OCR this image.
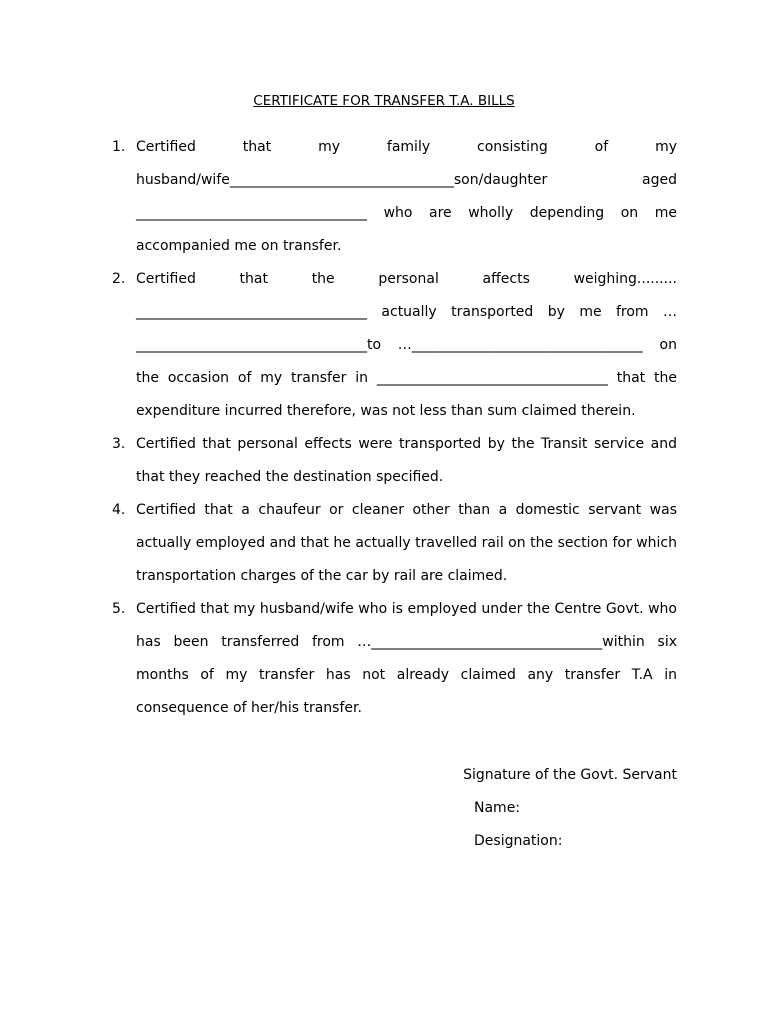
CERTIFICATE FOR TRANSFER T.A. BILLS
1. Certified that my family consisting of my
husband/wife________________________________son/daughter aged
_________________________________ who are wholly depending on me
accompanied me on transfer.
2. Certified that the personal affects weighing.........
_________________________________ actually transported by me from …
_________________________________to …_________________________________ on
the occasion of my transfer in _________________________________ that the
expenditure incurred therefore, was not less than sum claimed therein.
3. Certified that personal effects were transported by the Transit service and
that they reached the destination specified.
4. Certified that a chaufeur or cleaner other than a domestic servant was
actually employed and that he actually travelled rail on the section for which
transportation charges of the car by rail are claimed.
5. Certified that my husband/wife who is employed under the Centre Govt. who
has been transferred from …_________________________________within six
months of my transfer has not already claimed any transfer T.A in
consequence of her/his transfer.
Signature of the Govt. Servant
Name:
Designation:
